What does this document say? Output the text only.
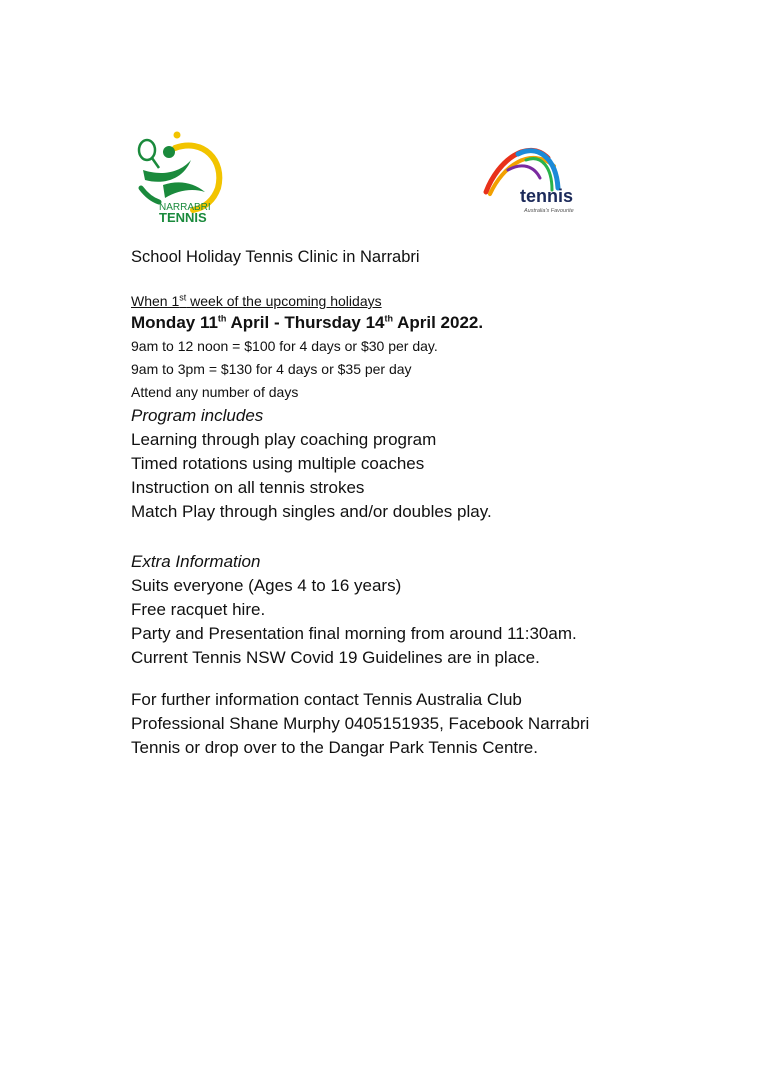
NARRABRI
TENNIS
tennis
Australia's Favourite
School Holiday Tennis Clinic in Narrabri
When 1st week of the upcoming holidays
Monday 11th April - Thursday 14th April 2022.
9am to 12 noon = $100 for 4 days or $30 per day.
9am to 3pm = $130 for 4 days or $35 per day
Attend any number of days
Program includes
Learning through play coaching program
Timed rotations using multiple coaches
Instruction on all tennis strokes
Match Play through singles and/or doubles play.
Extra Information
Suits everyone (Ages 4 to 16 years)
Free racquet hire.
Party and Presentation final morning from around 11:30am.
Current Tennis NSW Covid 19 Guidelines are in place.
For further information contact Tennis Australia Club
Professional Shane Murphy 0405151935, Facebook Narrabri
Tennis or drop over to the Dangar Park Tennis Centre.
